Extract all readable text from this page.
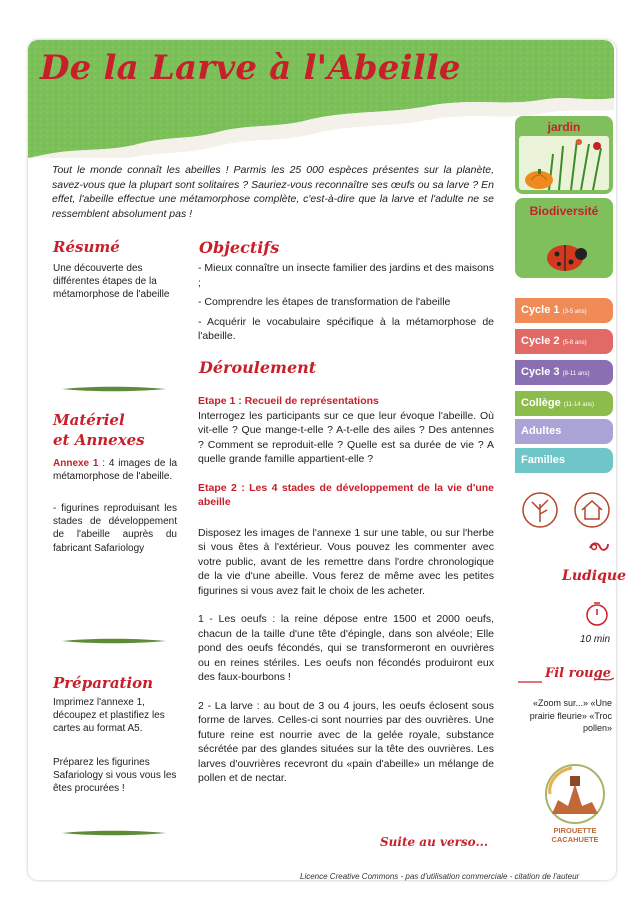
De la Larve à l'Abeille

Tout le monde connaît les abeilles ! Parmis les 25 000 espèces présentes sur la planète, savez-vous que la plupart sont solitaires ? Sauriez-vous reconnaître ses œufs ou sa larve ? En effet, l'abeille effectue une métamorphose complète, c'est-à-dire que la larve et l'adulte ne se ressemblent absolument pas !

Résumé

Une découverte des différentes étapes de la métamorphose de l'abeille

Matériel
et Annexes

Annexe 1 : 4 images de la métamorphose de l'abeille.

- figurines reproduisant les stades de développement de l'abeille auprès du fabricant Safariology

Préparation

Imprimez l'annexe 1, découpez et plastifiez les cartes au format A5.

Préparez les figurines Safariology si vous vous les êtes procurées !

Objectifs

- Mieux connaître un insecte familier des jardins et des maisons ;

- Comprendre les étapes de transformation de l'abeille

- Acquérir le vocabulaire spécifique à la métamorphose de l'abeille.

Déroulement

Etape 1 : Recueil de représentations

Interrogez les participants sur ce que leur évoque l'abeille. Où vit-elle ? Que mange-t-elle ? A-t-elle des ailes ? Des antennes ? Comment se reproduit-elle ? Quelle est sa durée de vie ? A quelle grande famille appartient-elle ?

Etape 2 : Les 4 stades de développement de la vie d'une abeille

Disposez les images de l'annexe 1 sur une table, ou sur l'herbe si vous êtes à l'extérieur. Vous pouvez les commenter avec votre public, avant de les remettre dans l'ordre chronologique de la vie d'une abeille. Vous ferez de même avec les petites figurines si vous avez fait le choix de les acheter.

1 - Les oeufs : la reine dépose entre 1500 et 2000 oeufs, chacun de la taille d'une tête d'épingle, dans son alvéole; Elle pond des oeufs fécondés, qui se transformeront en ouvrières ou en reines stériles. Les oeufs non fécondés produiront eux des faux-bourbons !

2 - La larve : au bout de 3 ou 4 jours, les oeufs éclosent sous forme de larves. Celles-ci sont nourries par des ouvrières. Une future reine est nourrie avec de la gelée royale, substance sécrétée par des glandes situées sur la tête des ouvrières. Les larves d'ouvrières recevront du «pain d'abeille» un mélange de pollen et de nectar.

Suite au verso...
jardin
Biodiversité
Cycle 1 (3-5 ans)
Cycle 2 (5-8 ans)
Cycle 3 (8-11 ans)
Collège (11-14 ans)
Adultes
Familles
Ludique
10 min
Fil rouge

«Zoom sur...» «Une prairie fleurie» «Troc pollen»

PIROUETTE
CACAHUETE
Licence Creative Commons - pas d'utilisation commerciale - citation de l'auteur
